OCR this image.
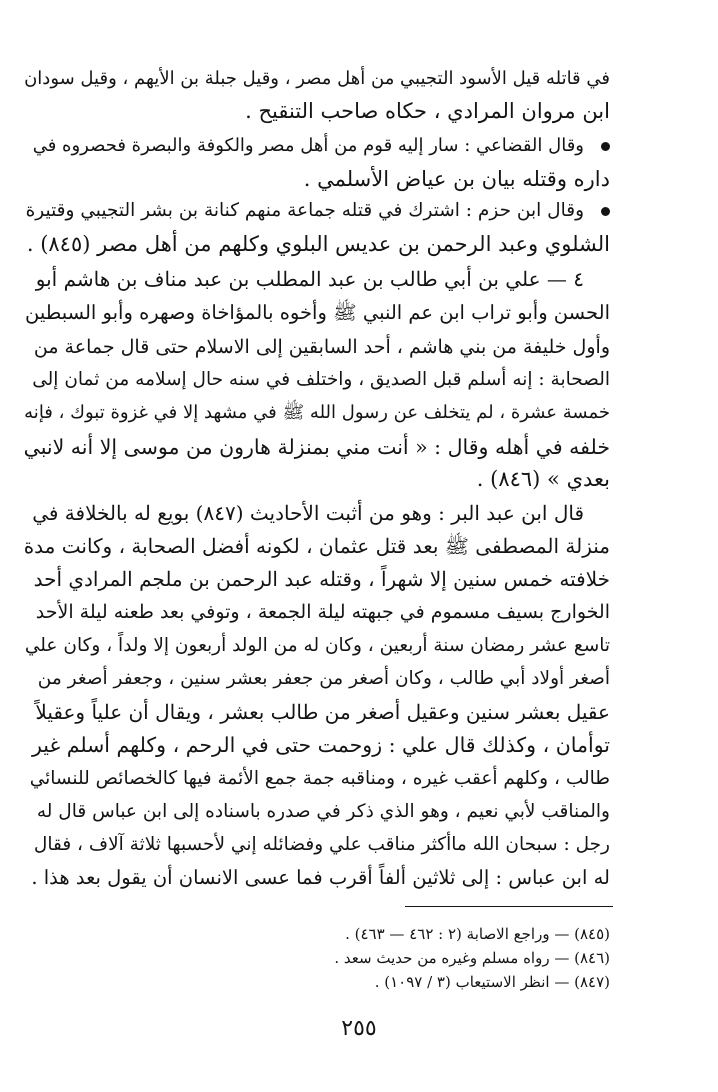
في قاتله قيل الأسود التجيبي من أهل مصر ، وقيل جبلة بن الأيهم ، وقيل سودان
ابن مروان المرادي ، حكاه صاحب التنقيح .
وقال القضاعي : سار إليه قوم من أهل مصر والكوفة والبصرة فحصروه في
داره وقتله بيان بن عياض الأسلمي .
وقال ابن حزم : اشترك في قتله جماعة منهم كنانة بن بشر التجيبي وقتيرة
الشلوي وعبد الرحمن بن عديس البلوي وكلهم من أهل مصر (٨٤٥) .
٤ — علي بن أبي طالب بن عبد المطلب بن عبد مناف بن هاشم أبو
الحسن وأبو تراب ابن عم النبي ﷺ وأخوه بالمؤاخاة وصهره وأبو السبطين
وأول خليفة من بني هاشم ، أحد السابقين إلى الاسلام حتى قال جماعة من
الصحابة : إنه أسلم قبل الصديق ، واختلف في سنه حال إسلامه من ثمان إلى
خمسة عشرة ، لم يتخلف عن رسول الله ﷺ في مشهد إلا في غزوة تبوك ، فإنه
خلفه في أهله وقال : « أنت مني بمنزلة هارون من موسى إلا أنه لانبي
بعدي » (٨٤٦) .
قال ابن عبد البر : وهو من أثبت الأحاديث (٨٤٧) بويع له بالخلافة في
منزلة المصطفى ﷺ بعد قتل عثمان ، لكونه أفضل الصحابة ، وكانت مدة
خلافته خمس سنين إلا شهراً ، وقتله عبد الرحمن بن ملجم المرادي أحد
الخوارج بسيف مسموم في جبهته ليلة الجمعة ، وتوفي بعد طعنه ليلة الأحد
تاسع عشر رمضان سنة أربعين ، وكان له من الولد أربعون إلا ولداً ، وكان علي
أصغر أولاد أبي طالب ، وكان أصغر من جعفر بعشر سنين ، وجعفر أصغر من
عقيل بعشر سنين وعقيل أصغر من طالب بعشر ، ويقال أن علياً وعقيلاً
توأمان ، وكذلك قال علي : زوحمت حتى في الرحم ، وكلهم أسلم غير
طالب ، وكلهم أعقب غيره ، ومناقبه جمة جمع الأئمة فيها كالخصائص للنسائي
والمناقب لأبي نعيم ، وهو الذي ذكر في صدره باسناده إلى ابن عباس قال له
رجل : سبحان الله ماأكثر مناقب علي وفضائله إني لأحسبها ثلاثة آلاف ، فقال
له ابن عباس : إلى ثلاثين ألفاً أقرب فما عسى الانسان أن يقول بعد هذا .
(٨٤٥) — وراجع الاصابة (٢ : ٤٦٢ — ٤٦٣) .
(٨٤٦) — رواه مسلم وغيره من حديث سعد .
(٨٤٧) — انظر الاستيعاب (٣ / ١٠٩٧) .
٢٥٥
